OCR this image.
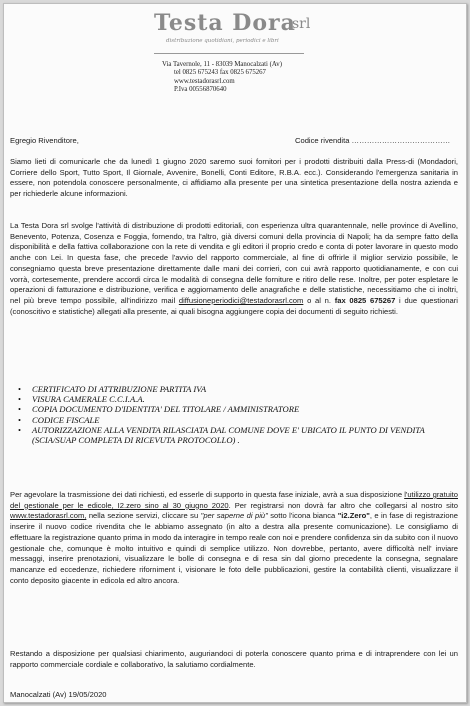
Testa Dora
srl
distribuzione quotidiani, periodici e libri
Via Tavernole, 11 - 83039 Manocalzati (Av)
tel 0825 675243 fax 0825 675267
www.testadorasrl.com
P.Iva 00556870640
Egregio Rivenditore,	Codice rivendita …………………………………
Siamo lieti di comunicarle che da lunedì 1 giugno 2020 saremo suoi fornitori per i prodotti distribuiti dalla Press-di (Mondadori, Corriere dello Sport, Tutto Sport, Il Giornale, Avvenire, Bonelli, Conti Editore, R.B.A. ecc.). Considerando l'emergenza sanitaria in essere, non potendola conoscere personalmente, ci affidiamo alla presente per una sintetica presentazione della nostra azienda e per richiederle alcune informazioni.
La Testa Dora srl svolge l'attività di distribuzione di prodotti editoriali, con esperienza ultra quarantennale, nelle province di Avellino, Benevento, Potenza, Cosenza e Foggia, fornendo, tra l'altro, già diversi comuni della provincia di Napoli; ha da sempre fatto della disponibilità e della fattiva collaborazione con la rete di vendita e gli editori il proprio credo e conta di poter lavorare in questo modo anche con Lei. In questa fase, che precede l'avvio del rapporto commerciale, al fine di offrirle il miglior servizio possibile, le consegniamo questa breve presentazione direttamente dalle mani dei corrieri, con cui avrà rapporto quotidianamente, e con cui vorrà, cortesemente, prendere accordi circa le modalità di consegna delle forniture e ritiro delle rese. Inoltre, per poter espletare le operazioni di fatturazione e distribuzione, verifica e aggiornamento delle anagrafiche e delle statistiche, necessitiamo che ci inoltri, nel più breve tempo possibile, all'indirizzo mail diffusioneperiodici@testadorasrl.com o al n. fax 0825 675267 i due questionari (conoscitivo e statistiche) allegati alla presente, ai quali bisogna aggiungere copia dei documenti di seguito richiesti.
• CERTIFICATO DI ATTRIBUZIONE PARTITA IVA
• VISURA CAMERALE C.C.I.A.A.
• COPIA DOCUMENTO D'IDENTITA' DEL TITOLARE / AMMINISTRATORE
• CODICE FISCALE
• AUTORIZZAZIONE ALLA VENDITA RILASCIATA DAL COMUNE DOVE E' UBICATO IL PUNTO DI VENDITA (SCIA/SUAP COMPLETA DI RICEVUTA PROTOCOLLO) .
Per agevolare la trasmissione dei dati richiesti, ed esserle di supporto in questa fase iniziale, avrà a sua disposizione l'utilizzo gratuito del gestionale per le edicole, I2.zero sino al 30 giugno 2020. Per registrarsi non dovrà far altro che collegarsi al nostro sito www.testadorasrl.com, nella sezione servizi, cliccare su "per saperne di più" sotto l'icona bianca "i2.Zero", e in fase di registrazione inserire il nuovo codice rivendita che le abbiamo assegnato (in alto a destra alla presente comunicazione). Le consigliamo di effettuare la registrazione quanto prima in modo da interagire in tempo reale con noi e prendere confidenza sin da subito con il nuovo gestionale che, comunque è molto intuitivo e quindi di semplice utilizzo. Non dovrebbe, pertanto, avere difficoltà nell' inviare messaggi, inserire prenotazioni, visualizzare le bolle di consegna e di resa sin dal giorno precedente la consegna, segnalare mancanze ed eccedenze, richiedere riforniment i, visionare le foto delle pubblicazioni, gestire la contabilità clienti, visualizzare il conto deposito giacente in edicola ed altro ancora.
Restando a disposizione per qualsiasi chiarimento, auguriandoci di poterla conoscere quanto prima e di intraprendere con lei un rapporto commerciale cordiale e collaborativo, la salutiamo cordialmente.
Manocalzati (Av) 19/05/2020
